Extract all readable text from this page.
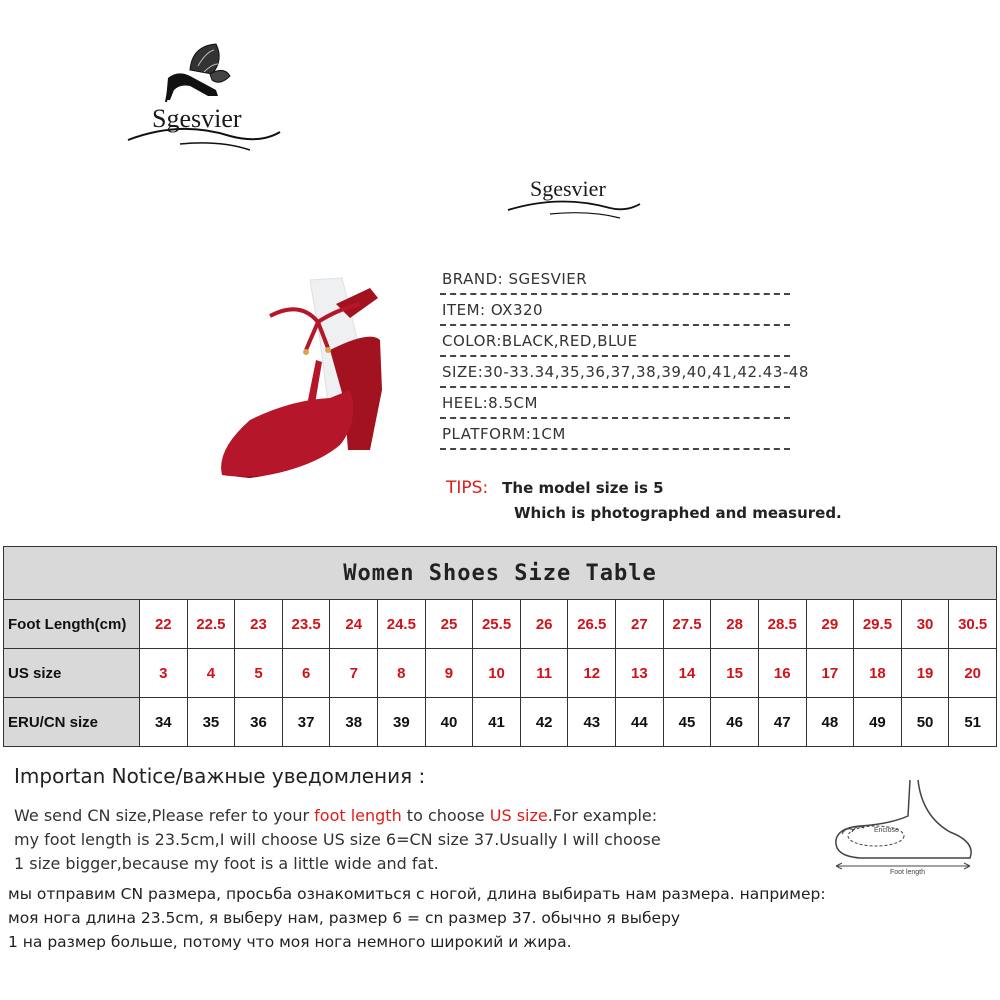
Sgesvier
Sgesvier
BRAND: SGESVIER
ITEM: OX320
COLOR:BLACK,RED,BLUE
SIZE:30-33.34,35,36,37,38,39,40,41,42.43-48
HEEL:8.5CM
PLATFORM:1CM
TIPS: The model size is 5
Which is photographed and measured.
Women Shoes Size Table																		
Foot Length(cm)	22	22.5	23	23.5	24	24.5	25	25.5	26	26.5	27	27.5	28	28.5	29	29.5	30	30.5
US size	3	4	5	6	7	8	9	10	11	12	13	14	15	16	17	18	19	20
ERU/CN size	34	35	36	37	38	39	40	41	42	43	44	45	46	47	48	49	50	51
Importan Notice/важные уведомления :
We send CN size,Please refer to your foot length to choose US size.For example:
my foot length is 23.5cm,I will choose US size 6=CN size 37.Usually I will choose
1 size bigger,because my foot is a little wide and fat.
мы отправим CN размера, просьба ознакомиться с ногой, длина выбирать нам размера. например:
моя нога длина 23.5cm, я выберу нам, размер 6 = cn размер 37. обычно я выберу
1 на размер больше, потому что моя нога немного широкий и жира.
Enclose
Foot length
